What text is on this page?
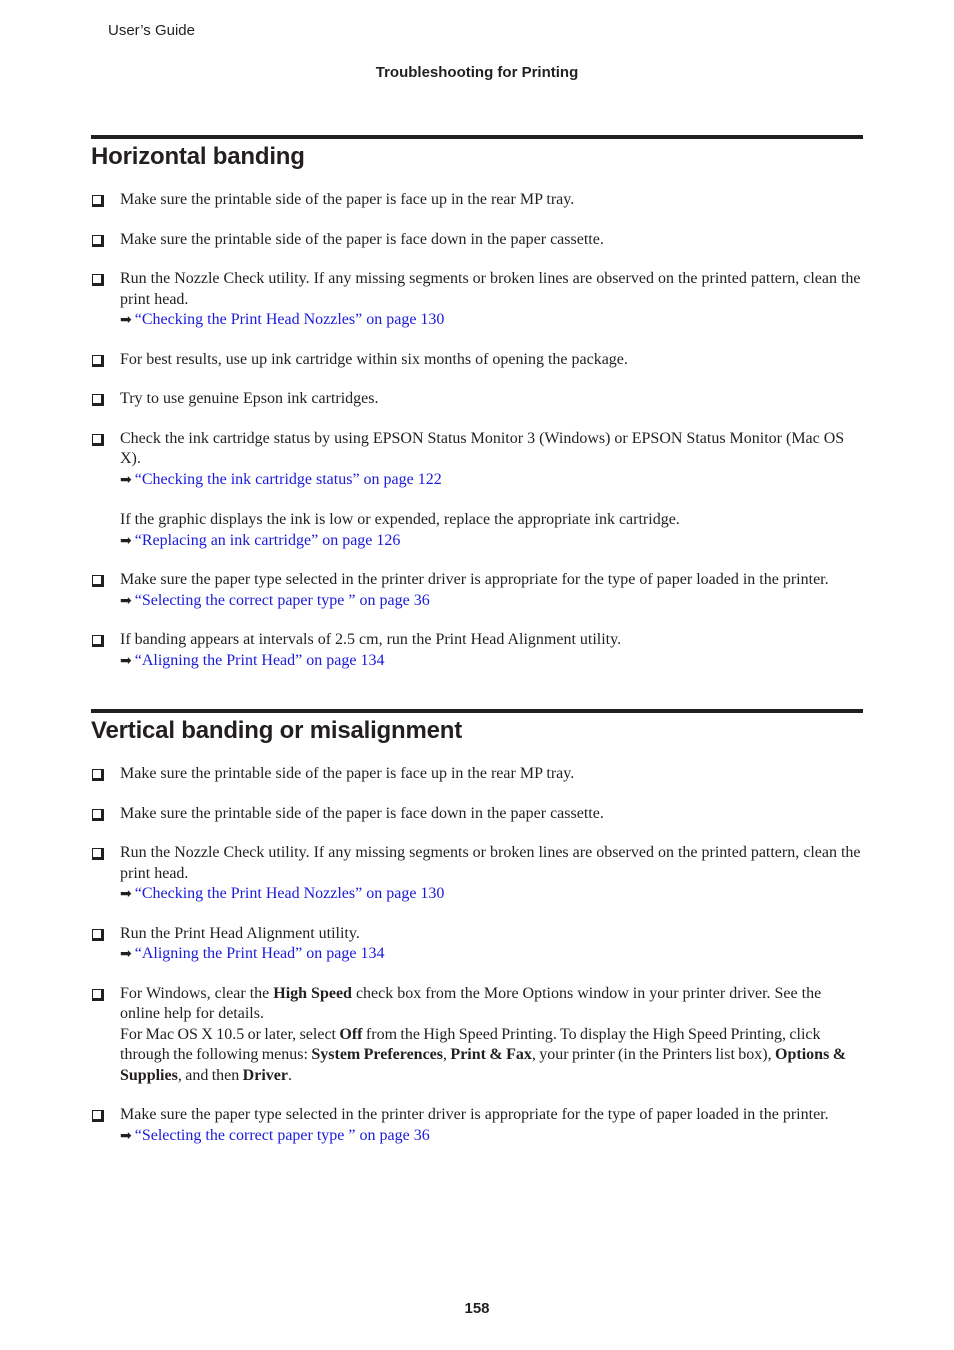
User’s Guide
Troubleshooting for Printing
Horizontal banding

Make sure the printable side of the paper is face up in the rear MP tray.

Make sure the printable side of the paper is face down in the paper cassette.

Run the Nozzle Check utility. If any missing segments or broken lines are observed on the printed pattern, clean the print head.

➡ “Checking the Print Head Nozzles” on page 130

For best results, use up ink cartridge within six months of opening the package.

Try to use genuine Epson ink cartridges.

Check the ink cartridge status by using EPSON Status Monitor 3 (Windows) or EPSON Status Monitor (Mac OS X).

➡ “Checking the ink cartridge status” on page 122

If the graphic displays the ink is low or expended, replace the appropriate ink cartridge.

➡ “Replacing an ink cartridge” on page 126

Make sure the paper type selected in the printer driver is appropriate for the type of paper loaded in the printer.

➡ “Selecting the correct paper type ” on page 36

If banding appears at intervals of 2.5 cm, run the Print Head Alignment utility.

➡ “Aligning the Print Head” on page 134

Vertical banding or misalignment

Make sure the printable side of the paper is face up in the rear MP tray.

Make sure the printable side of the paper is face down in the paper cassette.

Run the Nozzle Check utility. If any missing segments or broken lines are observed on the printed pattern, clean the print head.

➡ “Checking the Print Head Nozzles” on page 130

Run the Print Head Alignment utility.

➡ “Aligning the Print Head” on page 134

For Windows, clear the High Speed check box from the More Options window in your printer driver. See the online help for details.

For Mac OS X 10.5 or later, select Off from the High Speed Printing. To display the High Speed Printing, click through the following menus: System Preferences, Print & Fax, your printer (in the Printers list box), Options & Supplies, and then Driver.

Make sure the paper type selected in the printer driver is appropriate for the type of paper loaded in the printer.

➡ “Selecting the correct paper type ” on page 36

158
